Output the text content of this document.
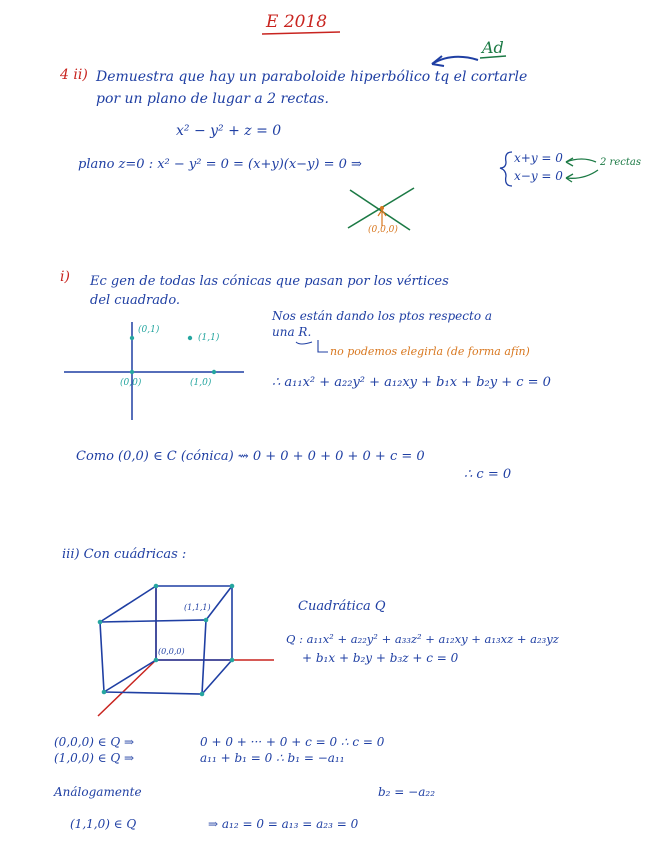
E 2018
Ad
4 ii) Demuestra que hay un paraboloide hiperbólico tq el cortarle
por un plano de lugar a 2 rectas.
x² − y² + z = 0
plano z=0 : x² − y² = 0 = (x+y)(x−y) = 0 ⇒	x+y = 0
x−y = 0
2 rectas
(0,0,0)
i) Ec gen de todas las cónicas que pasan por los vértices
del cuadrado.
(0,1)
(1,1)
(0,0)	(1,0)
Nos están dando los ptos respecto a
una R.
no podemos elegirla (de forma afín)
∴ a₁₁x² + a₂₂y² + a₁₂xy + b₁x + b₂y + c = 0
Como (0,0) ∈ C (cónica) ⇝ 0 + 0 + 0 + 0 + 0 + c = 0
∴ c = 0
iii) Con cuádricas :
(1,1,1)
(0,0,0)
Cuadrática Q
Q : a₁₁x² + a₂₂y² + a₃₃z² + a₁₂xy + a₁₃xz + a₂₃yz
+ b₁x + b₂y + b₃z + c = 0
(0,0,0) ∈ Q ⇒	0 + 0 + ··· + 0 + c = 0 ∴ c = 0
(1,0,0) ∈ Q ⇒	a₁₁ + b₁ = 0 ∴ b₁ = −a₁₁
Análogamente	b₂ = −a₂₂
(1,1,0) ∈ Q	⇒ a₁₂ = 0 = a₁₃ = a₂₃ = 0
